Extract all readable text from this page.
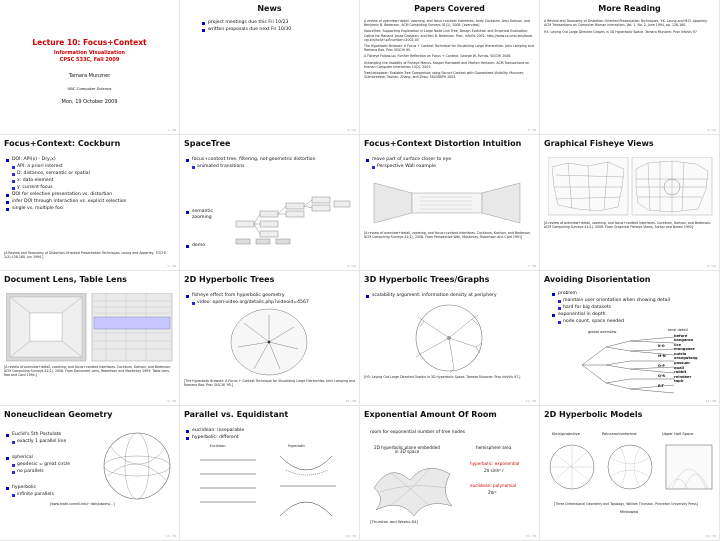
Lecture 10: Focus+Context
Information Visualization
CPSC 533C, Fall 2009
Tamara Munzner
UBC Computer Science
Mon, 19 October 2009
1 / 38
News
project meetings due this Fri 10/23
written proposals due next Fri 10/30
2 / 38
Papers Covered
A review of overview+detail, zooming, and focus+context interfaces. Andy Cockburn, Amy Karlson, and Benjamin B. Bederson. ACM Computing Surveys 41(1), 2008. [overview]
SpaceTree: Supporting Exploration in Large Node Link Tree, Design Evolution and Empirical Evaluation. Catherine Plaisant, Jesse Grosjean, and Ben B. Bederson. Proc. InfoVis 2002. http://www.cs.umd.edu/local-cgi-bin/hcil/rr.pl?number=2002-05
The Hyperbolic Browser: A Focus + Context Technique for Visualizing Large Hierarchies. John Lamping and Ramana Rao. Proc SIGCHI 95.
A Fisheye Follow-up: Further Reflection on Focus + Context. George W. Furnas. SIGCHI 2006.
Untangling the Usability of Fisheye Menus. Kasper Hornbaek and Morten Hertzum. ACM Transactions on Human Computer Interaction 14(2), 2007.
TreeJuxtaposer: Scalable Tree Comparison using Focus+Context with Guaranteed Visibility. Munzner, Guimbretiere, Tasiran, Zhang, and Zhou. SIGGRAPH 2003.
3 / 38
More Reading
A Review and Taxonomy of Distortion-Oriented Presentation Techniques. Y.K. Leung and M.D. Apperley. ACM Transactions on Computer-Human Interaction, Vol. 1, No. 2, June 1994, pp. 126-160.
H3: Laying Out Large Directed Graphs in 3D Hyperbolic Space. Tamara Munzner. Proc InfoVis 97
4 / 38
Focus+Context: Cockburn
DOI: API(x) - D(y,x)
API: a priori interest
D: distance, semantic or spatial
x: data element
y: current focus
DOI for selective presentation vs. distortion
infer DOI through interaction vs. explicit selection
single vs. multiple foci
[A Review and Taxonomy of Distortion-Oriented Presentation Techniques. Leung and Apperley, TOCHI 1(2):126-160, Jun 1994.]
5 / 38
SpaceTree
focus+context tree: filtering, not geometric distortion
animated transitions
semantic zooming
demo
6 / 38
Focus+Context Distortion Intuition
move part of surface closer to eye
Perspective Wall example
[A review of overview+detail, zooming, and focus+context interfaces. Cockburn, Karlson, and Bederson. ACM Computing Surveys 41(1), 2008. From Perspective Wall, Mackinlay, Robertson and Card 1991]
7 / 38
Graphical Fisheye Views
[A review of overview+detail, zooming, and focus+context interfaces. Cockburn, Karlson, and Bederson. ACM Computing Surveys 41(1), 2008. From Graphical Fisheye Views, Sarkar and Brown 1992]
8 / 38
Document Lens, Table Lens
[A review of overview+detail, zooming, and focus+context interfaces. Cockburn, Karlson, and Bederson. ACM Computing Surveys 41(1), 2008. From Document Lens, Robertson and Mackinlay 1993; Table Lens, Rao and Card 1994.]
9 / 38
2D Hyperbolic Trees
fisheye effect from hyperbolic geometry
video: open-video.org/details.php?videoid=4567
[The Hyperbolic Browser: A Focus + Context Technique for Visualizing Large Hierarchies. John Lamping and Ramana Rao. Proc SIGCHI '95.]
10 / 38
3D Hyperbolic Trees/Graphs
scalability argument: information density at periphery
[H3: Laying Out Large Directed Graphs in 3D Hyperbolic Space. Tamara Munzner. Proc InfoVis 97.]
11 / 38
Avoiding Disorientation
problem
maintain user orientation when showing detail
hard for big datasets
exponential in depth
node count, space needed
global overview	local detail
before
kangaroo
lice
mongoose
nutria
orangutang
possum
quail
rabbit
reindeer
tapir
K-O
M-N
O-P
Q-R
R-T
12 / 38
Noneuclidean Geometry
Euclid's 5th Postulate
exactly 1 parallel line
spherical
geodesic = great circle
no parallels
hyperbolic
infinite parallels
[www.math.cornell.edu/~dwh/papers/...]
13 / 38
Parallel vs. Equidistant
euclidean: inseparable
hyperbolic: different
Euclidean	Hyperbolic
14 / 38
Exponential Amount Of Room
room for exponential number of tree nodes
2D hyperbolic plane embedded in 3D space
hemisphere area
hyperbolic: exponential
2π sinh² r
euclidean: polynomial
2πr²
[Thurston and Weeks 84]
15 / 38
2D Hyperbolic Models
Klein/projective	Poincare/conformal	Upper Half Space
[Three Dimensional Geometry and Topology, William Thurston, Princeton University Press]
Minkowksi
16 / 38
